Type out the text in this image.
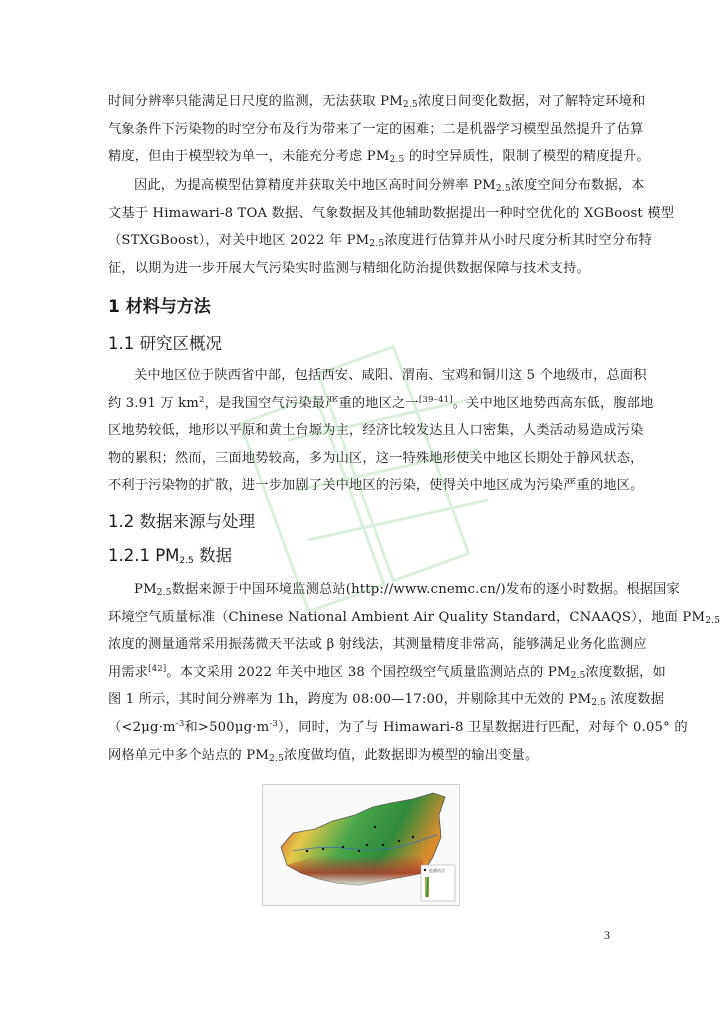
时间分辨率只能满足日尺度的监测，无法获取 $PM_{2.5}$浓度日间变化数据，对了解特定环境和
气象条件下污染物的时空分布及行为带来了一定的困难；二是机器学习模型虽然提升了估算
精度，但由于模型较为单一，未能充分考虑 $PM_{2.5}$ 的时空异质性，限制了模型的精度提升。

因此，为提高模型估算精度并获取关中地区高时间分辨率 $PM_{2.5}$浓度空间分布数据，本
文基于 Himawari-8 TOA 数据、气象数据及其他辅助数据提出一种时空优化的 XGBoost 模型
（STXGBoost），对关中地区 2022 年 $PM_{2.5}$浓度进行估算并从小时尺度分析其时空分布特
征，以期为进一步开展大气污染实时监测与精细化防治提供数据保障与技术支持。

1 材料与方法
1.1 研究区概况

关中地区位于陕西省中部，包括西安、咸阳、渭南、宝鸡和铜川这 5 个地级市，总面积
约 3.91 万 $km^2$，是我国空气污染最严重的地区之一[39–41]。关中地区地势西高东低，腹部地
区地势较低，地形以平原和黄土台塬为主，经济比较发达且人口密集，人类活动易造成污染
物的累积；然而，三面地势较高，多为山区，这一特殊地形使关中地区长期处于静风状态，
不利于污染物的扩散，进一步加剧了关中地区的污染，使得关中地区成为污染严重的地区。

1.2 数据来源与处理
1.2.1 $PM_{2.5}$ 数据

$PM_{2.5}$数据来源于中国环境监测总站(http://www.cnemc.cn/)发布的逐小时数据。根据国家
环境空气质量标准（Chinese National Ambient Air Quality Standard，CNAAQS），地面 $PM_{2.5}$
浓度的测量通常采用振荡微天平法或 β 射线法，其测量精度非常高，能够满足业务化监测应
用需求[42]。本文采用 2022 年关中地区 38 个国控级空气质量监测站点的 $PM_{2.5}$浓度数据，如
图 1 所示，其时间分辨率为 1h，跨度为 08:00—17:00，并剔除其中无效的 $PM_{2.5}$ 浓度数据
（$<2\mu g\cdot m^{-3}$和$>500\mu g\cdot m^{-3}$），同时，为了与 Himawari-8 卫星数据进行匹配，对每个 0.05° 的
网格单元中多个站点的 $PM_{2.5}$浓度做均值，此数据即为模型的输出变量。

监测站点
3
